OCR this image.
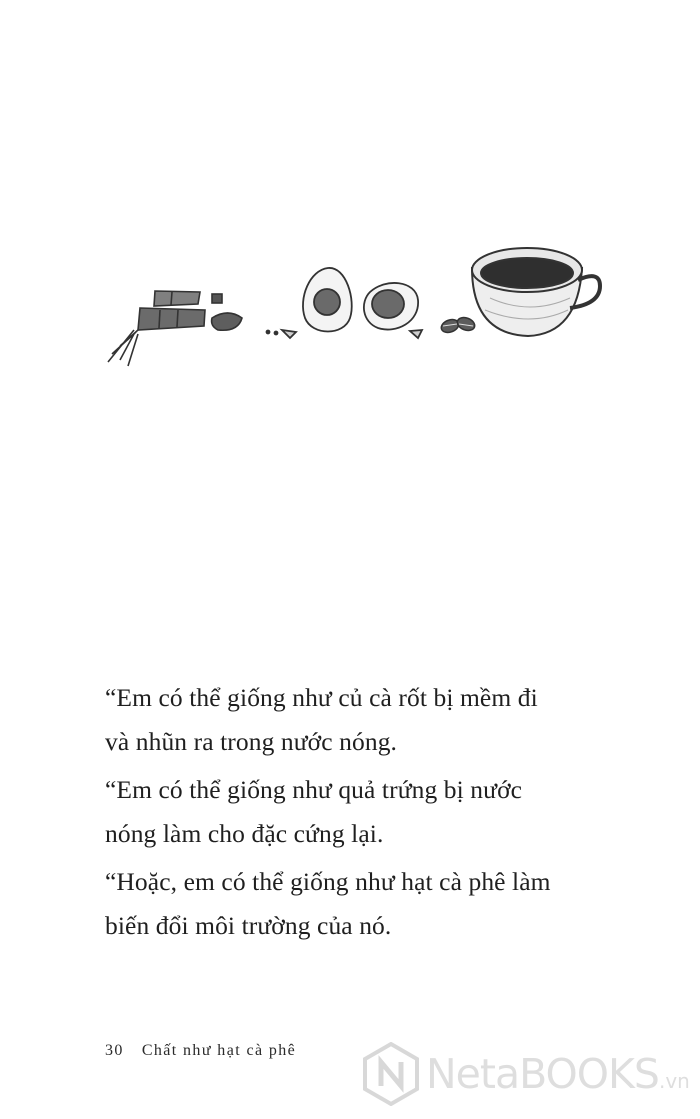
“Em có thể giống như củ cà rốt bị mềm đi
và nhũn ra trong nước nóng.

“Em có thể giống như quả trứng bị nước
nóng làm cho đặc cứng lại.

“Hoặc, em có thể giống như hạt cà phê làm
biến đổi môi trường của nó.

30 Chất như hạt cà phê	NetaBOOKS.vn
